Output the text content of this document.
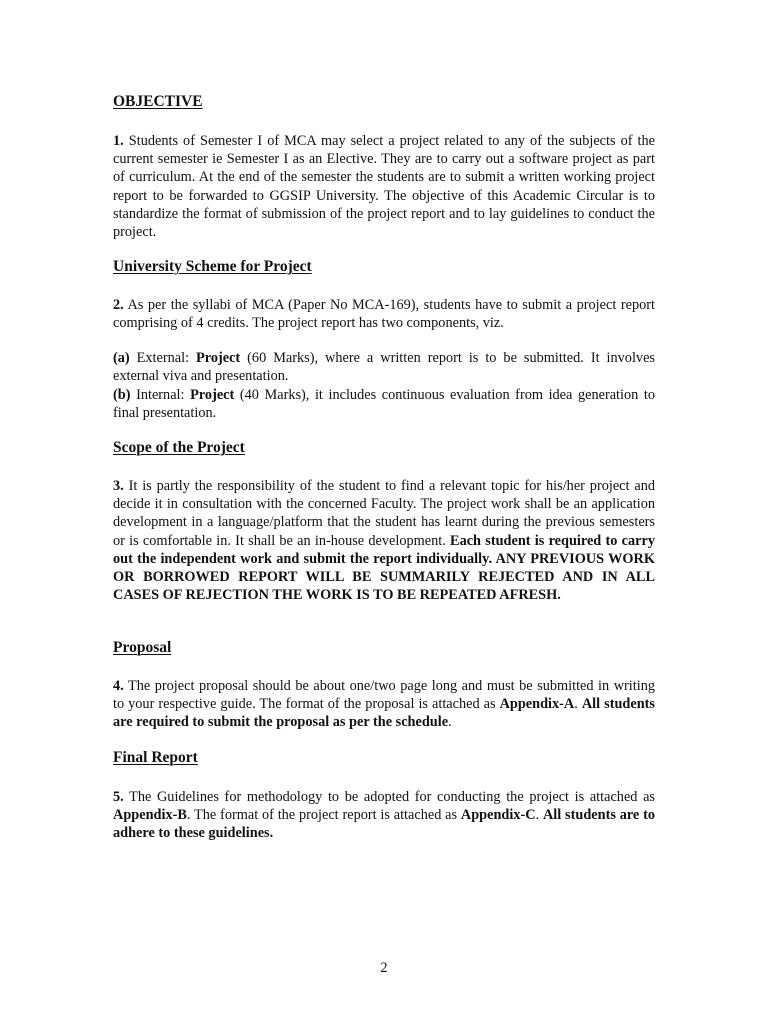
OBJECTIVE

1. Students of Semester I of MCA may select a project related to any of the subjects of the current semester ie Semester I as an Elective. They are to carry out a software project as part of curriculum. At the end of the semester the students are to submit a written working project report to be forwarded to GGSIP University. The objective of this Academic Circular is to standardize the format of submission of the project report and to lay guidelines to conduct the project.

University Scheme for Project

2. As per the syllabi of MCA (Paper No MCA-169), students have to submit a project report comprising of 4 credits. The project report has two components, viz.

(a) External: Project (60 Marks), where a written report is to be submitted. It involves external viva and presentation.

(b) Internal: Project (40 Marks), it includes continuous evaluation from idea generation to final presentation.

Scope of the Project

3. It is partly the responsibility of the student to find a relevant topic for his/her project and decide it in consultation with the concerned Faculty. The project work shall be an application development in a language/platform that the student has learnt during the previous semesters or is comfortable in. It shall be an in-house development. Each student is required to carry out the independent work and submit the report individually. ANY PREVIOUS WORK OR BORROWED REPORT WILL BE SUMMARILY REJECTED AND IN ALL CASES OF REJECTION THE WORK IS TO BE REPEATED AFRESH.

Proposal

4. The project proposal should be about one/two page long and must be submitted in writing to your respective guide. The format of the proposal is attached as Appendix-A. All students are required to submit the proposal as per the schedule.

Final Report

5. The Guidelines for methodology to be adopted for conducting the project is attached as Appendix-B. The format of the project report is attached as Appendix-C. All students are to adhere to these guidelines.

2
